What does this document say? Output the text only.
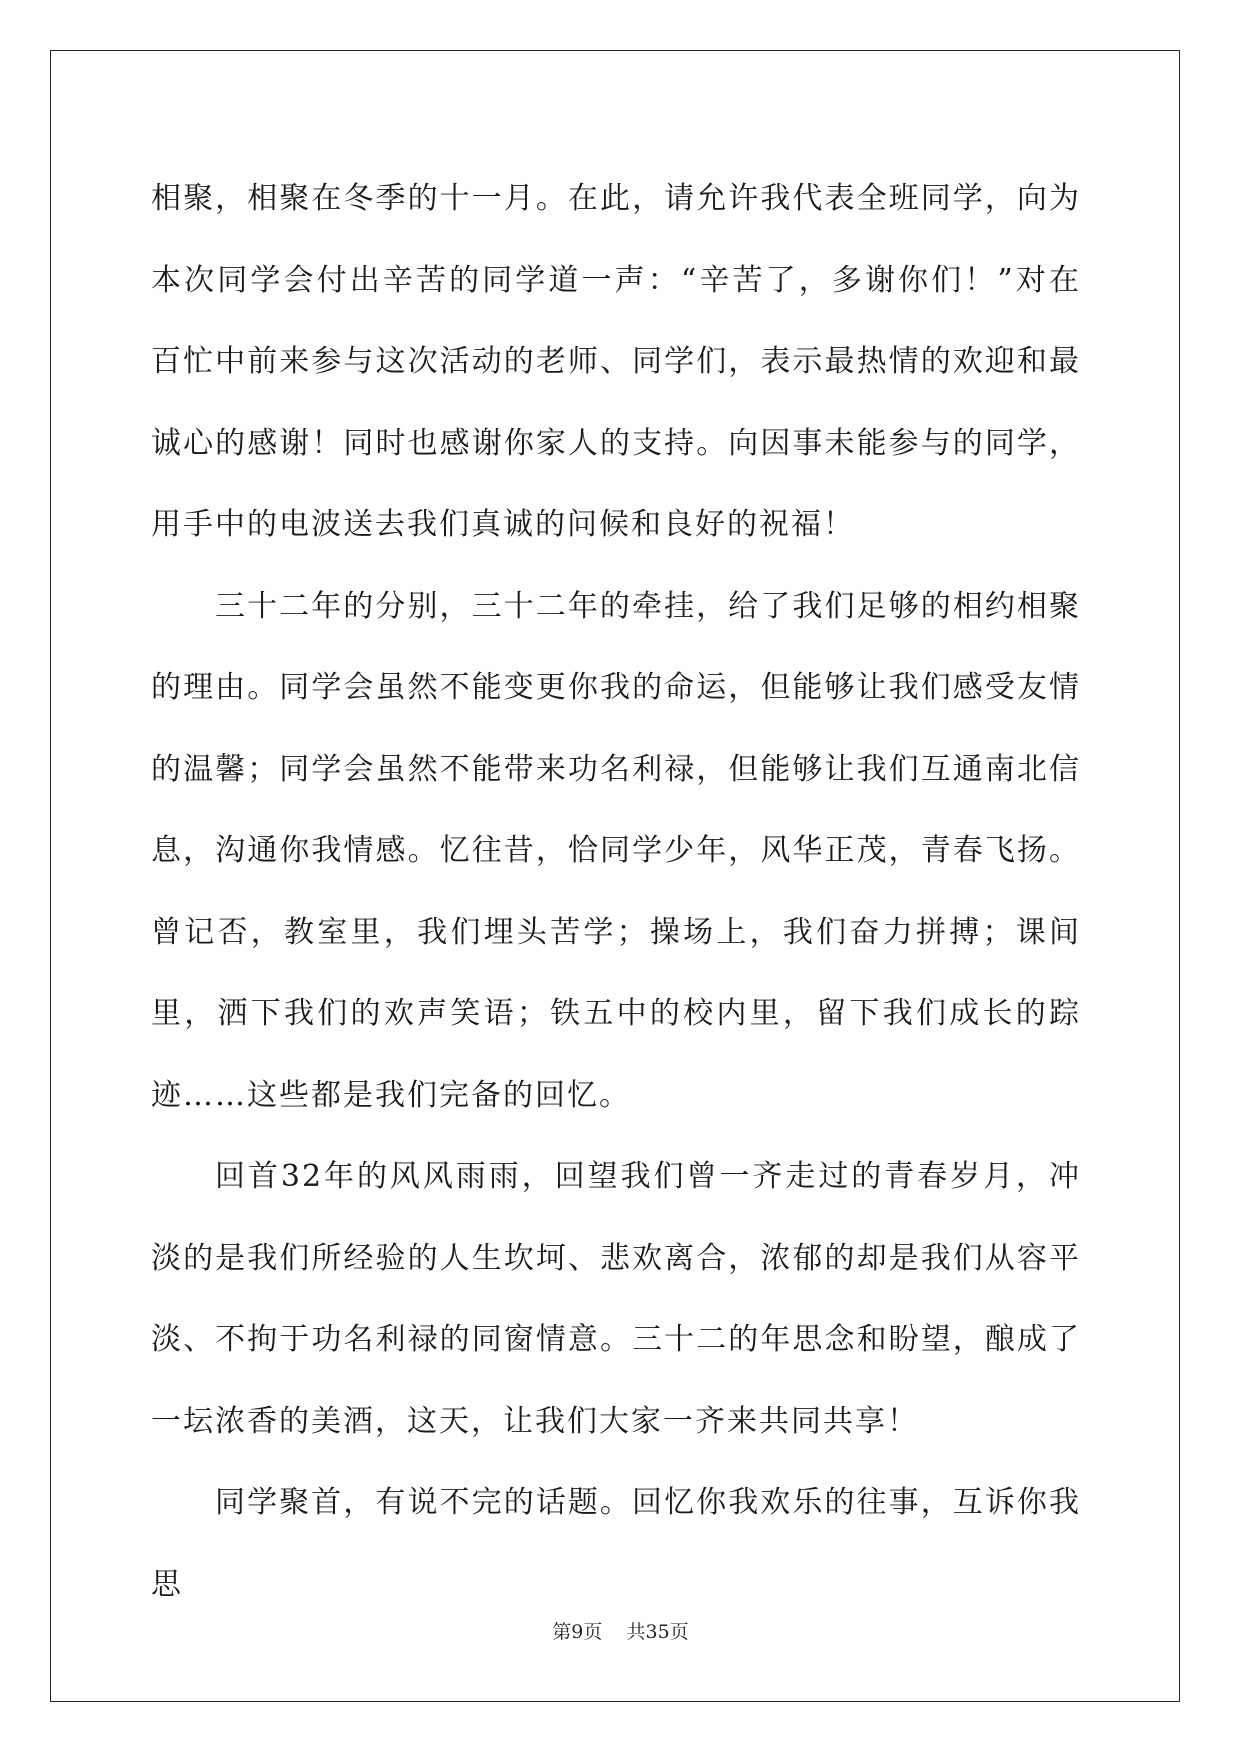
相聚，相聚在冬季的十一月。在此，请允许我代表全班同学，向为本次同学会付出辛苦的同学道一声：“辛苦了，多谢你们！”对在百忙中前来参与这次活动的老师、同学们，表示最热情的欢迎和最诚心的感谢！同时也感谢你家人的支持。向因事未能参与的同学，用手中的电波送去我们真诚的问候和良好的祝福！

三十二年的分别，三十二年的牵挂，给了我们足够的相约相聚的理由。同学会虽然不能变更你我的命运，但能够让我们感受友情的温馨；同学会虽然不能带来功名利禄，但能够让我们互通南北信息，沟通你我情感。忆往昔，恰同学少年，风华正茂，青春飞扬。曾记否，教室里，我们埋头苦学；操场上，我们奋力拼搏；课间里，洒下我们的欢声笑语；铁五中的校内里，留下我们成长的踪迹……这些都是我们完备的回忆。

回首32年的风风雨雨，回望我们曾一齐走过的青春岁月，冲淡的是我们所经验的人生坎坷、悲欢离合，浓郁的却是我们从容平淡、不拘于功名利禄的同窗情意。三十二的年思念和盼望，酿成了一坛浓香的美酒，这天，让我们大家一齐来共同共享！

同学聚首，有说不完的话题。回忆你我欢乐的往事，互诉你我思

第9页 共35页
